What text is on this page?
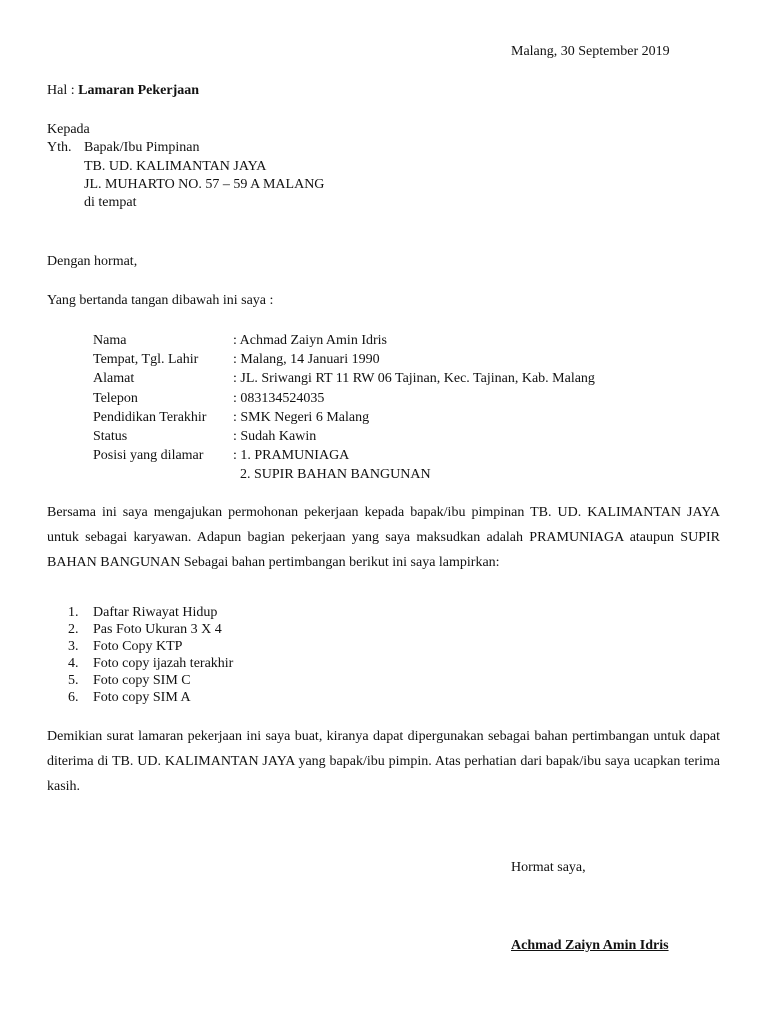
Malang, 30 September 2019
Hal : Lamaran Pekerjaan
Kepada
Yth. Bapak/Ibu Pimpinan
TB. UD. KALIMANTAN JAYA
JL. MUHARTO NO. 57 – 59 A MALANG
di tempat
Dengan hormat,
Yang bertanda tangan dibawah ini saya :
Nama	: Achmad Zaiyn Amin Idris
Tempat, Tgl. Lahir	: Malang, 14 Januari 1990
Alamat	: JL. Sriwangi RT 11 RW 06 Tajinan, Kec. Tajinan, Kab. Malang
Telepon	: 083134524035
Pendidikan Terakhir	: SMK Negeri 6 Malang
Status	: Sudah Kawin
Posisi yang dilamar	: 1. PRAMUNIAGA
	2. SUPIR BAHAN BANGUNAN

Bersama ini saya mengajukan permohonan pekerjaan kepada bapak/ibu pimpinan TB. UD. KALIMANTAN JAYA untuk sebagai karyawan. Adapun bagian pekerjaan yang saya maksudkan adalah PRAMUNIAGA ataupun SUPIR BAHAN BANGUNAN Sebagai bahan pertimbangan berikut ini saya lampirkan:

1. Daftar Riwayat Hidup
2. Pas Foto Ukuran 3 X 4
3. Foto Copy KTP
4. Foto copy ijazah terakhir
5. Foto copy SIM C
6. Foto copy SIM A

Demikian surat lamaran pekerjaan ini saya buat, kiranya dapat dipergunakan sebagai bahan pertimbangan untuk dapat diterima di TB. UD. KALIMANTAN JAYA yang bapak/ibu pimpin. Atas perhatian dari bapak/ibu saya ucapkan terima kasih.

Hormat saya,
Achmad Zaiyn Amin Idris
